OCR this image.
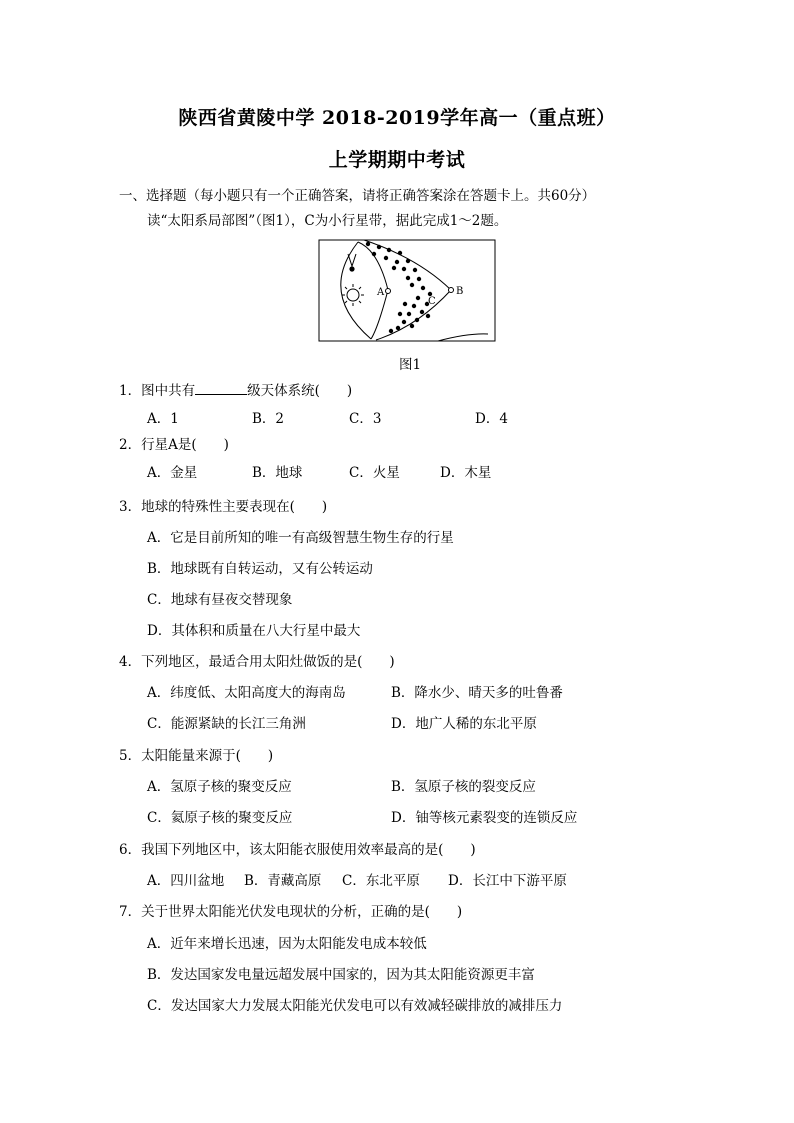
陕西省黄陵中学 2018-2019学年高一（重点班）
上学期期中考试
一、选择题（每小题只有一个正确答案，请将正确答案涂在答题卡上。共60分）
读“太阳系局部图”（图1），C为小行星带，据此完成1～2题。
A	B
C
图1
1．图中共有	级天体系统(　　)
A．1	B．2	C．3	D．4
2．行星A是(　　)
A．金星	B．地球	C．火星	D．木星
3．地球的特殊性主要表现在(　　)
A．它是目前所知的唯一有高级智慧生物生存的行星
B．地球既有自转运动，又有公转运动
C．地球有昼夜交替现象
D．其体积和质量在八大行星中最大
4．下列地区，最适合用太阳灶做饭的是(　　)
A．纬度低、太阳高度大的海南岛	B．降水少、晴天多的吐鲁番
C．能源紧缺的长江三角洲	D．地广人稀的东北平原
5．太阳能量来源于(　　)
A．氢原子核的聚变反应	B．氢原子核的裂变反应
C．氦原子核的聚变反应	D．铀等核元素裂变的连锁反应
6．我国下列地区中，该太阳能衣服使用效率最高的是(　　)
A．四川盆地 B．青藏高原 C．东北平原 D．长江中下游平原
7．关于世界太阳能光伏发电现状的分析，正确的是(　　)
A．近年来增长迅速，因为太阳能发电成本较低
B．发达国家发电量远超发展中国家的，因为其太阳能资源更丰富
C．发达国家大力发展太阳能光伏发电可以有效减轻碳排放的减排压力
